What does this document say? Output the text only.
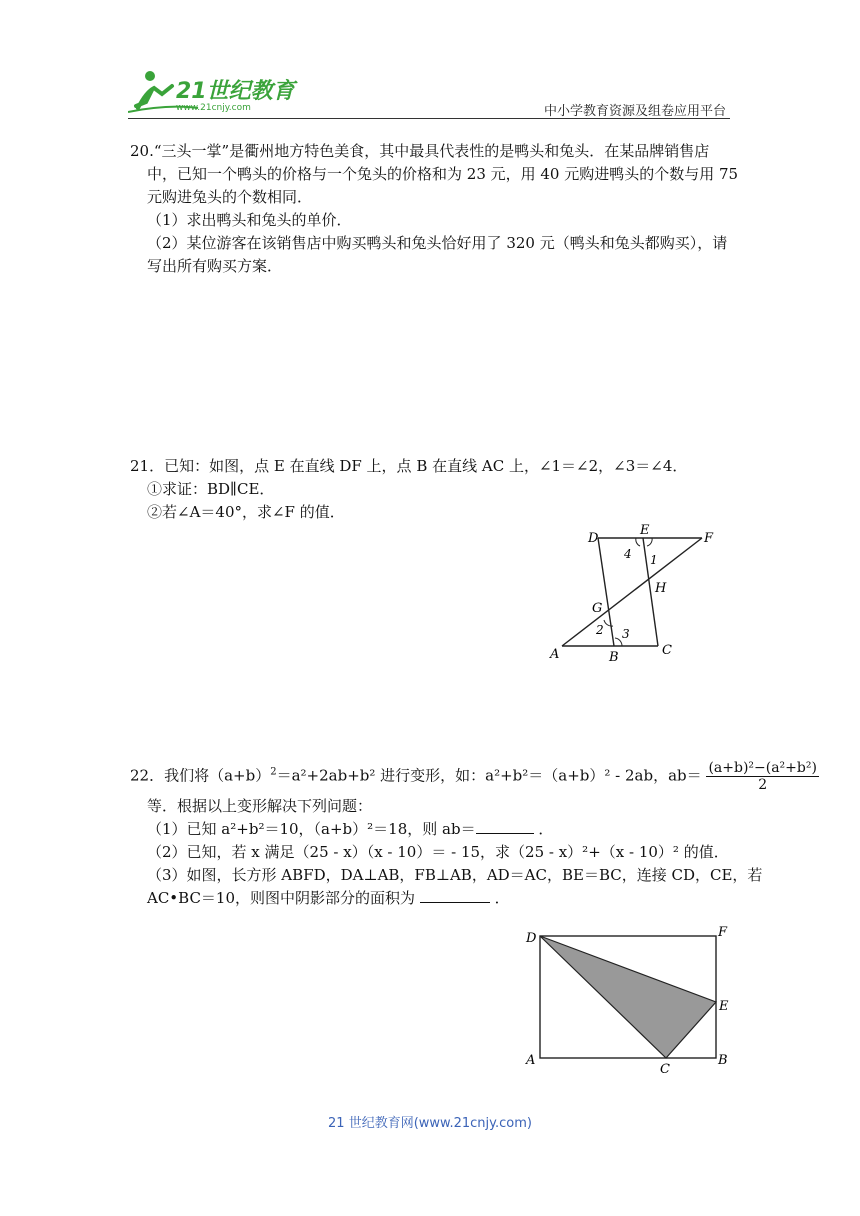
21世纪教育
www.21cnjy.com	中小学教育资源及组卷应用平台
20.“三头一掌”是衢州地方特色美食，其中最具代表性的是鸭头和兔头．在某品牌销售店
中，已知一个鸭头的价格与一个兔头的价格和为 23 元，用 40 元购进鸭头的个数与用 75
元购进兔头的个数相同．
（1）求出鸭头和兔头的单价．
（2）某位游客在该销售店中购买鸭头和兔头恰好用了 320 元（鸭头和兔头都购买），请
写出所有购买方案．
21．已知：如图，点 E 在直线 DF 上，点 B 在直线 AC 上，∠1＝∠2，∠3＝∠4．
①求证：BD∥CE．
②若∠A＝40°，求∠F 的值．
D
E
F
G
H
A	B	C
1
2 3
4
22．我们将$(a+b)^2=a^2+2ab+b^2$ 进行变形，如：a²+b²＝（a+b）² - 2ab，$ab= \frac{\text{(a+b)²−(a²+b²)}}{2}$
等．根据以上变形解决下列问题：
（1）已知 a²+b²＝10，（a+b）²＝18，则 ab＝	．
（2）已知，若 x 满足（25 - x）（x - 10）＝ - 15，求（25 - x）²+（x - 10）² 的值．
（3）如图，长方形 ABFD，DA⊥AB，FB⊥AB，AD＝AC，BE＝BC，连接 CD，CE，若
AC•BC＝10，则图中阴影部分的面积为	．
D	F
E
A
C
B
21 世纪教育网(www.21cnjy.com)
